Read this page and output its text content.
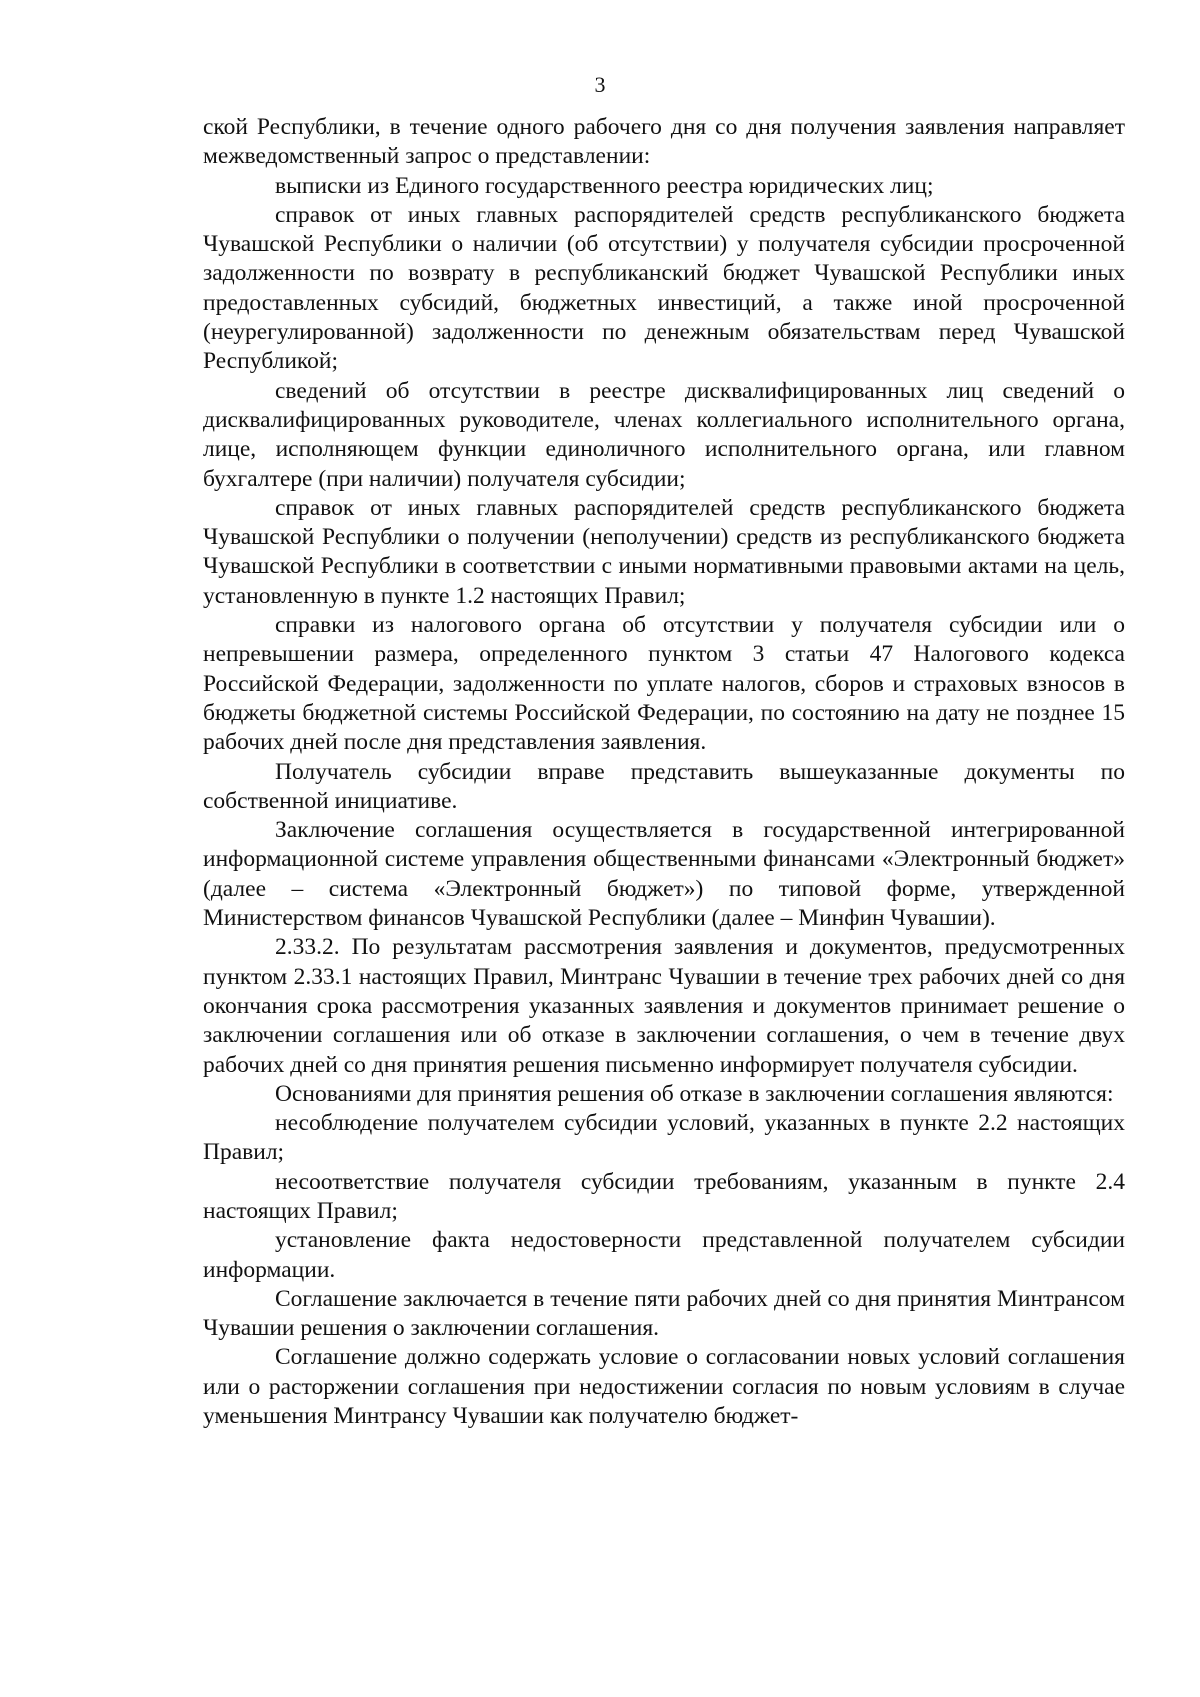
3

ской Республики, в течение одного рабочего дня со дня получения заявления направляет межведомственный запрос о представлении:

выписки из Единого государственного реестра юридических лиц;

справок от иных главных распорядителей средств республиканского бюджета Чувашской Республики о наличии (об отсутствии) у получателя субсидии просроченной задолженности по возврату в республиканский бюджет Чувашской Республики иных предоставленных субсидий, бюджетных инвестиций, а также иной просроченной (неурегулированной) задолженности по денежным обязательствам перед Чувашской Республикой;

сведений об отсутствии в реестре дисквалифицированных лиц сведений о дисквалифицированных руководителе, членах коллегиального исполнительного органа, лице, исполняющем функции единоличного исполнительного органа, или главном бухгалтере (при наличии) получателя субсидии;

справок от иных главных распорядителей средств республиканского бюджета Чувашской Республики о получении (неполучении) средств из республиканского бюджета Чувашской Республики в соответствии с иными нормативными правовыми актами на цель, установленную в пункте 1.2 настоящих Правил;

справки из налогового органа об отсутствии у получателя субсидии или о непревышении размера, определенного пунктом 3 статьи 47 Налогового кодекса Российской Федерации, задолженности по уплате налогов, сборов и страховых взносов в бюджеты бюджетной системы Российской Федерации, по состоянию на дату не позднее 15 рабочих дней после дня представления заявления.

Получатель субсидии вправе представить вышеуказанные документы по собственной инициативе.

Заключение соглашения осуществляется в государственной интегрированной информационной системе управления общественными финансами «Электронный бюджет» (далее – система «Электронный бюджет») по типовой форме, утвержденной Министерством финансов Чувашской Республики (далее – Минфин Чувашии).

2.33.2. По результатам рассмотрения заявления и документов, предусмотренных пунктом 2.33.1 настоящих Правил, Минтранс Чувашии в течение трех рабочих дней со дня окончания срока рассмотрения указанных заявления и документов принимает решение о заключении соглашения или об отказе в заключении соглашения, о чем в течение двух рабочих дней со дня принятия решения письменно информирует получателя субсидии.

Основаниями для принятия решения об отказе в заключении соглашения являются:

несоблюдение получателем субсидии условий, указанных в пункте 2.2 настоящих Правил;

несоответствие получателя субсидии требованиям, указанным в пункте 2.4 настоящих Правил;

установление факта недостоверности представленной получателем субсидии информации.

Соглашение заключается в течение пяти рабочих дней со дня принятия Минтрансом Чувашии решения о заключении соглашения.

Соглашение должно содержать условие о согласовании новых условий соглашения или о расторжении соглашения при недостижении согласия по новым условиям в случае уменьшения Минтрансу Чувашии как получателю бюджет-
